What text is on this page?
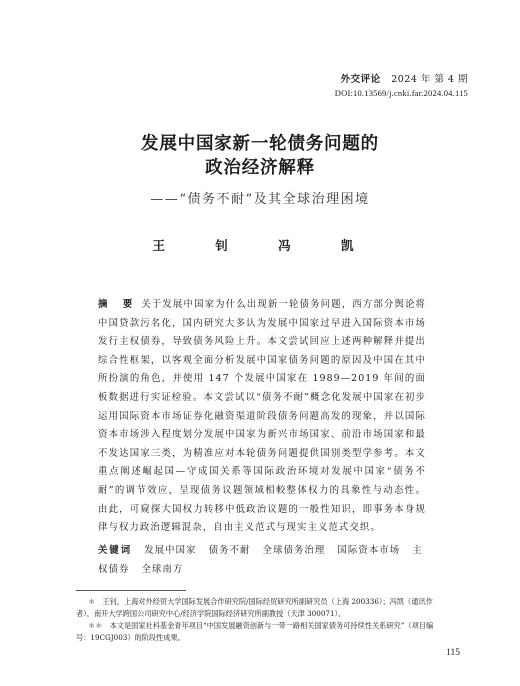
外交评论 2024 年 第 4 期
DOI:10.13569/j.cnki.far.2024.04.115
发展中国家新一轮债务问题的
政治经济解释
——“债务不耐”及其全球治理困境
王 钊 冯 凯
摘　要 关于发展中国家为什么出现新一轮债务问题，西方部分舆论将中国贷款污名化，国内研究大多认为发展中国家过早进入国际资本市场发行主权债券，导致债务风险上升。本文尝试回应上述两种解释并提出综合性框架，以客观全面分析发展中国家债务问题的原因及中国在其中所扮演的角色，并使用 147 个发展中国家在 1989—2019 年间的面板数据进行实证检验。本文尝试以“债务不耐”概念化发展中国家在初步运用国际资本市场证券化融资渠道阶段债务问题高发的现象，并以国际资本市场涉入程度划分发展中国家为新兴市场国家、前沿市场国家和最不发达国家三类，为精准应对本轮债务问题提供国别类型学参考。本文重点阐述崛起国—守成国关系等国际政治环境对发展中国家“债务不耐”的调节效应，呈现债务议题领域相較整体权力的具象性与动态性。由此，可窥探大国权力转移中低政治议题的一般性知识，即事务本身规律与权力政治逻辑混杂，自由主义范式与现实主义范式交织。
关键词 发展中国家 债务不耐 全球债务治理 国际资本市场 主权债券 全球南方

＊　王钊，上海对外经贸大学国际发展合作研究院/国际经贸研究所副研究员（上海 200336）；冯凯（通讯作者），南开大学跨国公司研究中心/经济学院国际经济研究所副教授（天津 300071）。

＊＊　本文是国家社科基金青年项目“中国发展融资创新与一带一路相关国家债务可持续性关系研究”（项目编号：19CGJ003）的阶段性成果。

115
